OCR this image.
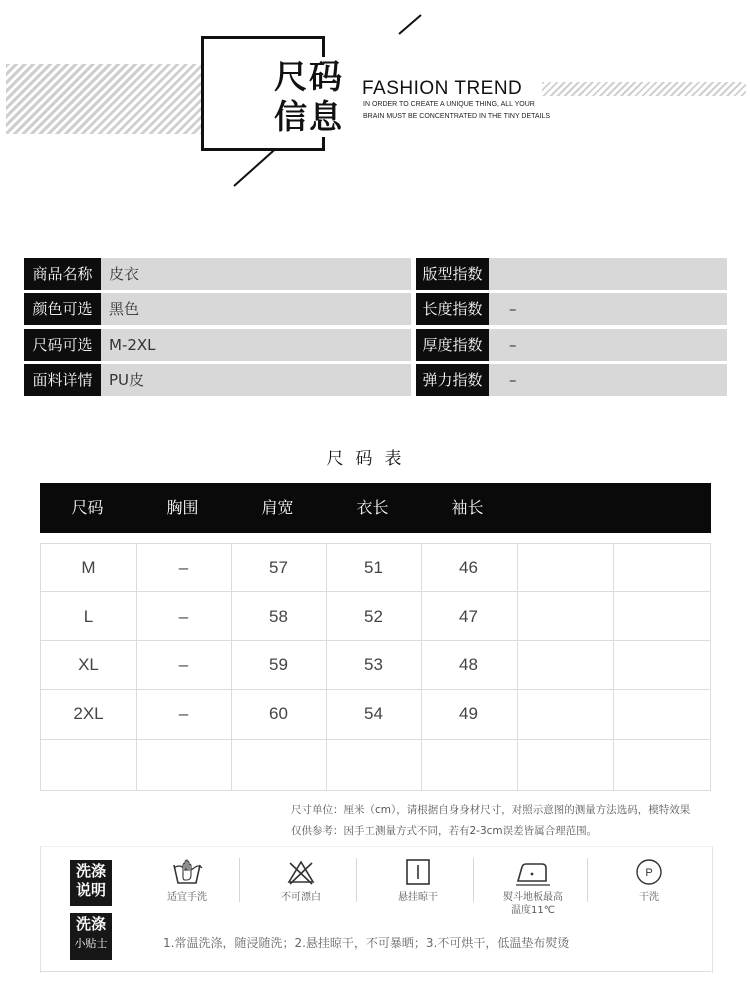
尺码
信息
FASHION TREND
IN ORDER TO CREATE A UNIQUE THING, ALL YOUR
BRAIN MUST BE CONCENTRATED IN THE TINY DETAILS
商品名称	皮衣	版型指数
颜色可选	黑色	长度指数	–
尺码可选	M-2XL	厚度指数	–
面料详情	PU皮	弹力指数	–
尺码表
尺码	胸围	肩宽	衣长	袖长
M	–	57	51	46
L	–	58	52	47
XL	–	59	53	48
2XL	–	60	54	49
尺寸单位：厘米（cm），请根据自身身材尺寸，对照示意图的测量方法选码，模特效果
仅供参考：因手工测量方式不同，若有2-3cm误差皆属合理范围。
洗涤
说明
洗涤
小贴士
适宜手洗	不可漂白	悬挂晾干	熨斗地板最高
温度11℃
P
干洗
1.常温洗涤，随浸随洗；2.悬挂晾干，不可暴晒；3.不可烘干，低温垫布熨烫
